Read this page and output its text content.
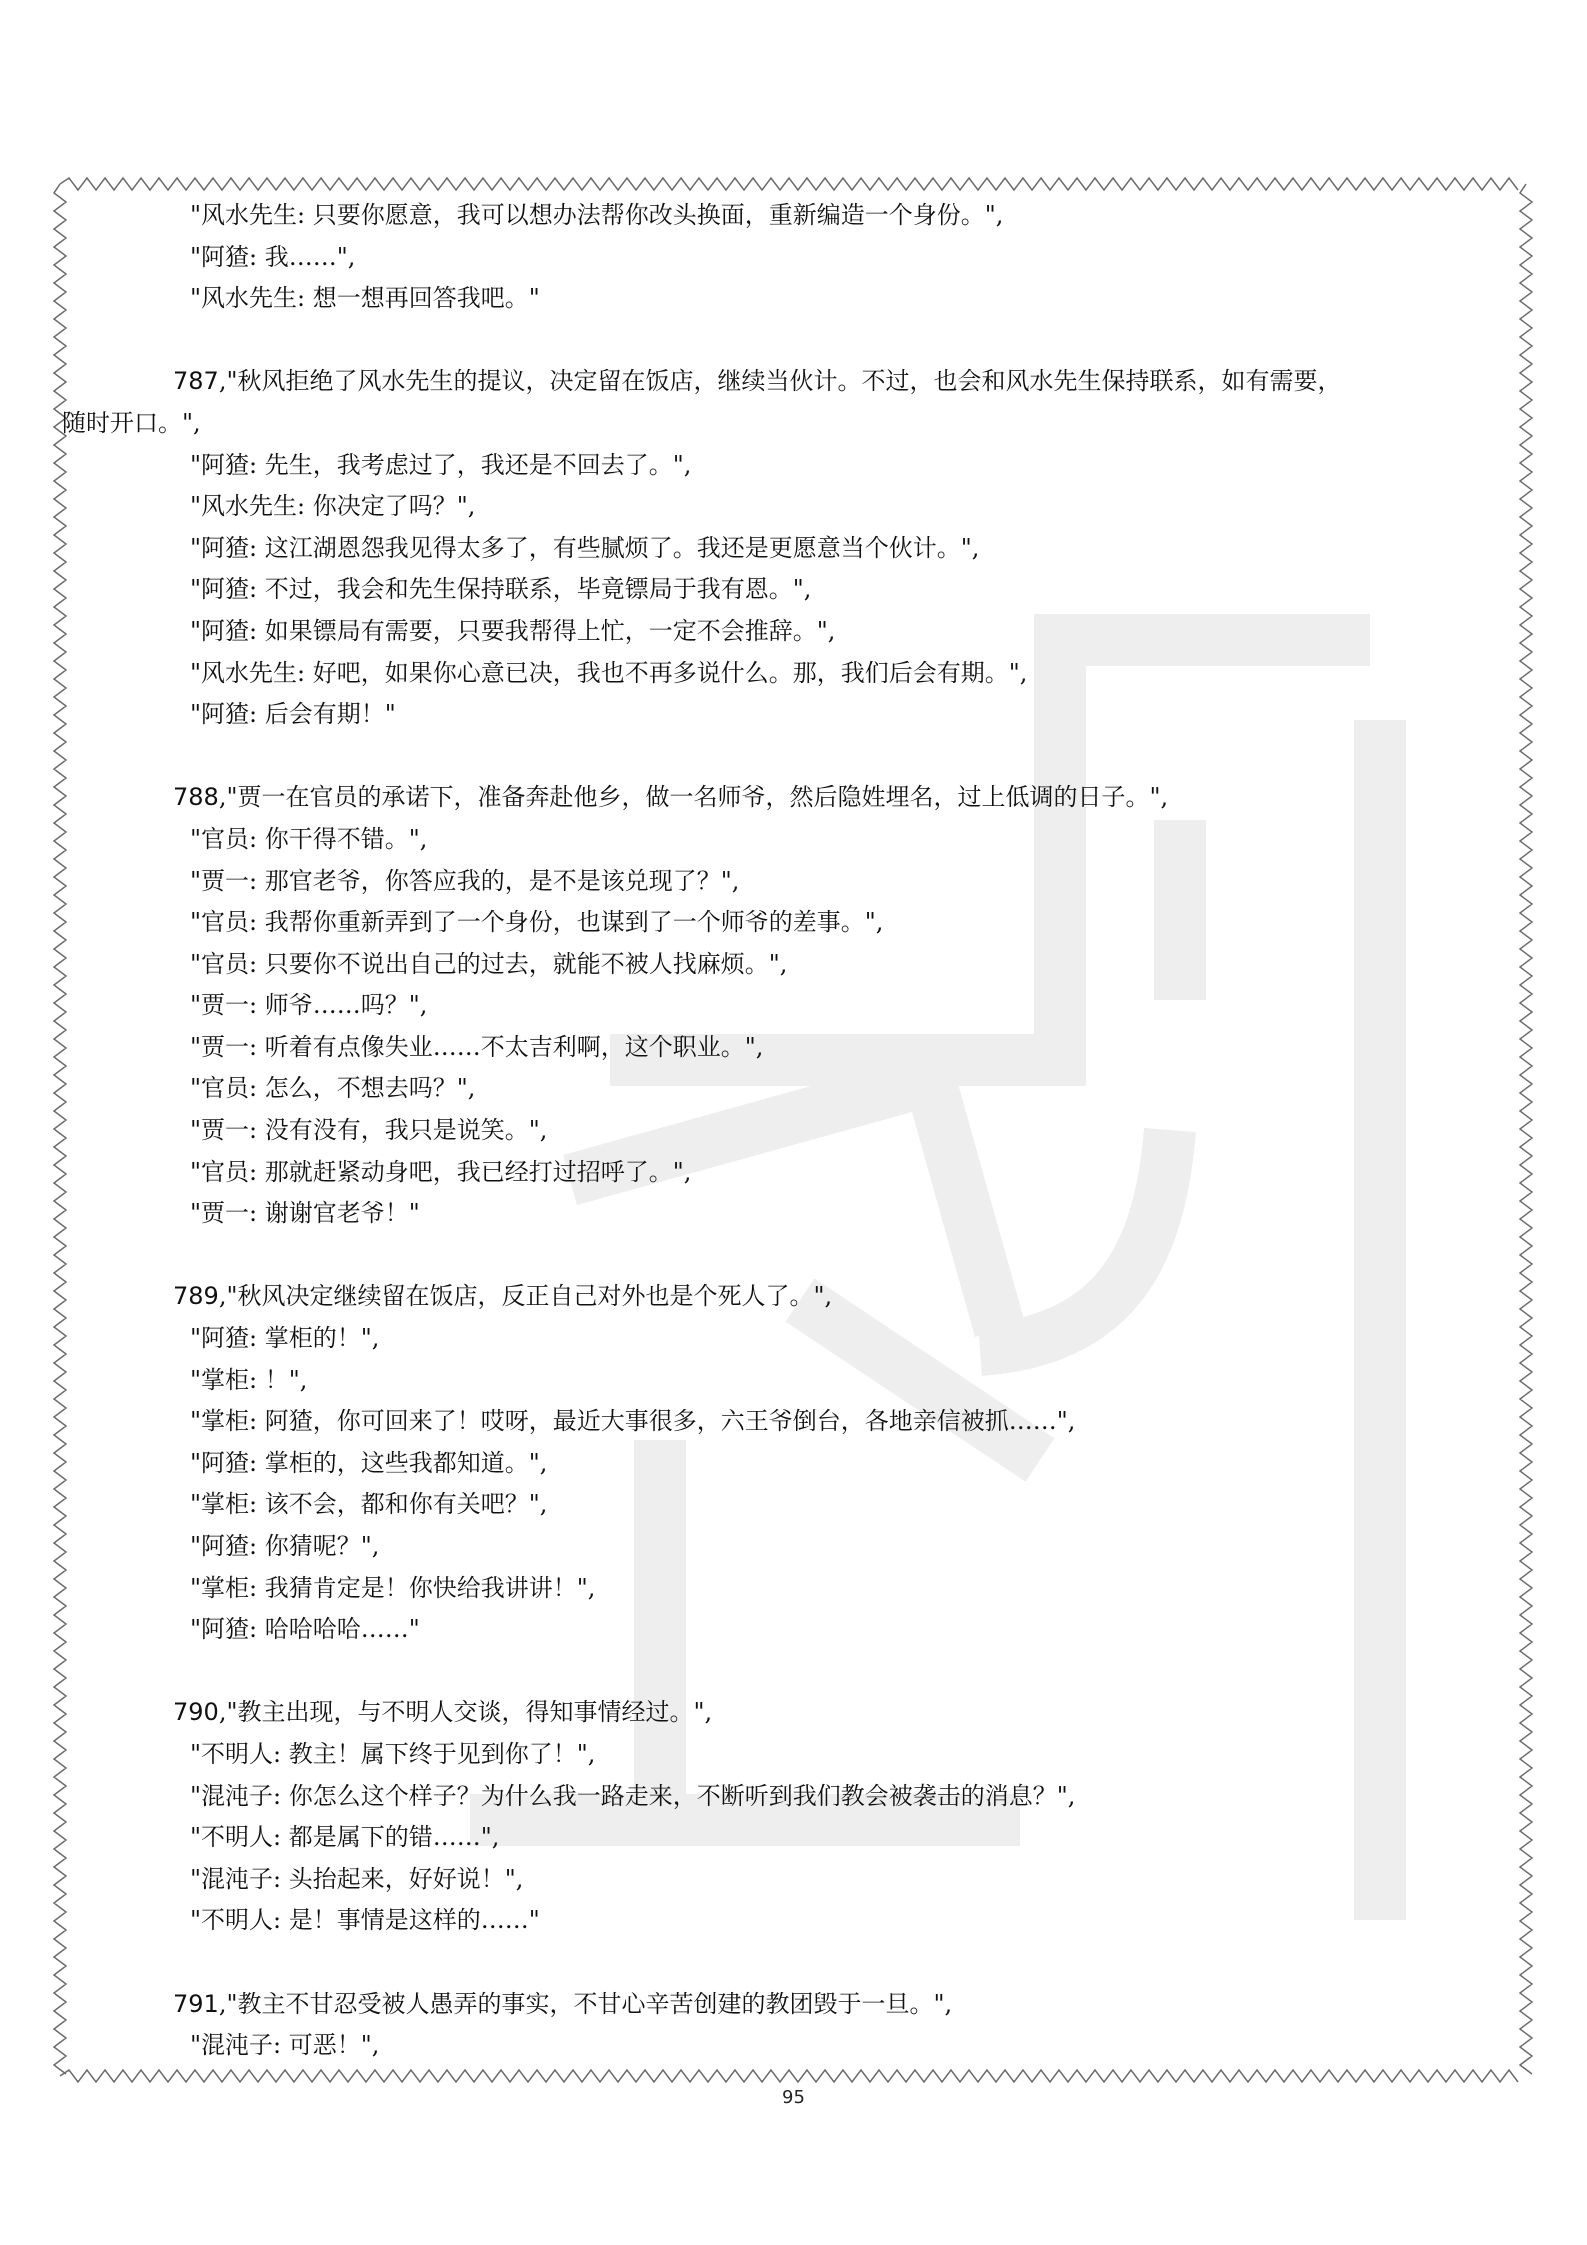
"风水先生: 只要你愿意，我可以想办法帮你改头换面，重新编造一个身份。",
"阿猹: 我……",
"风水先生: 想一想再回答我吧。"
787,"秋风拒绝了风水先生的提议，决定留在饭店，继续当伙计。不过，也会和风水先生保持联系，如有需要，
随时开口。",
"阿猹: 先生，我考虑过了，我还是不回去了。",
"风水先生: 你决定了吗？",
"阿猹: 这江湖恩怨我见得太多了，有些腻烦了。我还是更愿意当个伙计。",
"阿猹: 不过，我会和先生保持联系，毕竟镖局于我有恩。",
"阿猹: 如果镖局有需要，只要我帮得上忙，一定不会推辞。",
"风水先生: 好吧，如果你心意已决，我也不再多说什么。那，我们后会有期。",
"阿猹: 后会有期！"
788,"贾一在官员的承诺下，准备奔赴他乡，做一名师爷，然后隐姓埋名，过上低调的日子。",
"官员: 你干得不错。",
"贾一: 那官老爷，你答应我的，是不是该兑现了？",
"官员: 我帮你重新弄到了一个身份，也谋到了一个师爷的差事。",
"官员: 只要你不说出自己的过去，就能不被人找麻烦。",
"贾一: 师爷……吗？",
"贾一: 听着有点像失业……不太吉利啊，这个职业。",
"官员: 怎么，不想去吗？",
"贾一: 没有没有，我只是说笑。",
"官员: 那就赶紧动身吧，我已经打过招呼了。",
"贾一: 谢谢官老爷！"
789,"秋风决定继续留在饭店，反正自己对外也是个死人了。",
"阿猹: 掌柜的！",
"掌柜: ！",
"掌柜: 阿猹，你可回来了！哎呀，最近大事很多，六王爷倒台，各地亲信被抓……",
"阿猹: 掌柜的，这些我都知道。",
"掌柜: 该不会，都和你有关吧？",
"阿猹: 你猜呢？",
"掌柜: 我猜肯定是！你快给我讲讲！",
"阿猹: 哈哈哈哈……"
790,"教主出现，与不明人交谈，得知事情经过。",
"不明人: 教主！属下终于见到你了！",
"混沌子: 你怎么这个样子？为什么我一路走来，不断听到我们教会被袭击的消息？",
"不明人: 都是属下的错……",
"混沌子: 头抬起来，好好说！",
"不明人: 是！事情是这样的……"
791,"教主不甘忍受被人愚弄的事实，不甘心辛苦创建的教团毁于一旦。",
"混沌子: 可恶！",
95
